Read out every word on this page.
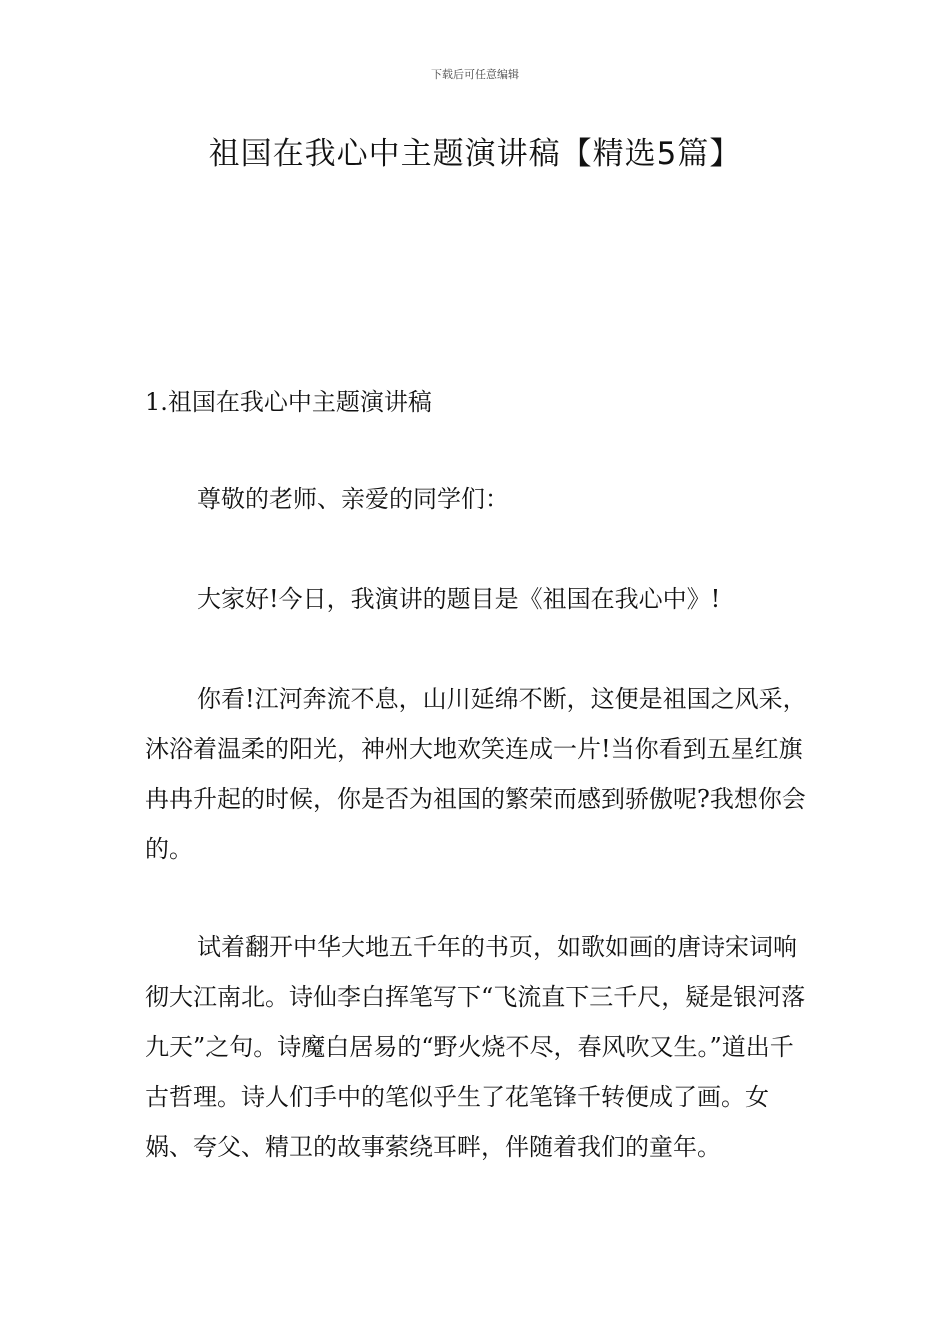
下载后可任意编辑
祖国在我心中主题演讲稿【精选5篇】
1.祖国在我心中主题演讲稿

尊敬的老师、亲爱的同学们：

大家好!今日，我演讲的题目是《祖国在我心中》!

你看!江河奔流不息，山川延绵不断，这便是祖国之风采，沐浴着温柔的阳光，神州大地欢笑连成一片!当你看到五星红旗冉冉升起的时候，你是否为祖国的繁荣而感到骄傲呢?我想你会的。

试着翻开中华大地五千年的书页，如歌如画的唐诗宋词响彻大江南北。诗仙李白挥笔写下“飞流直下三千尺，疑是银河落九天”之句。诗魔白居易的“野火烧不尽，春风吹又生。”道出千古哲理。诗人们手中的笔似乎生了花笔锋千转便成了画。女娲、夸父、精卫的故事萦绕耳畔，伴随着我们的童年。
